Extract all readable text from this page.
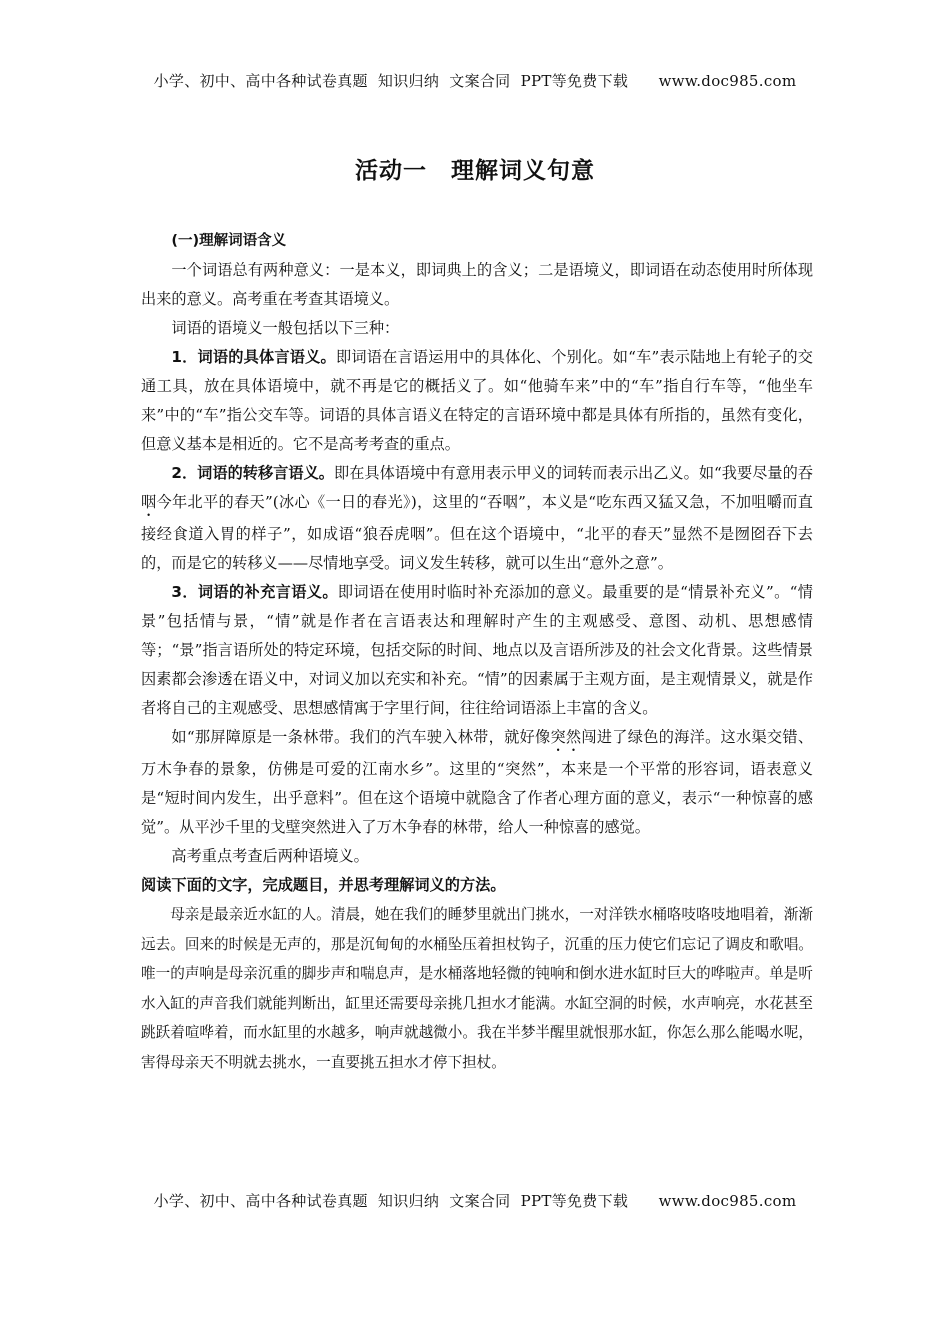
小学、初中、高中各种试卷真题  知识归纳  文案合同  PPT等免费下载      www.doc985.com
活动一　理解词义句意

(一)理解词语含义

一个词语总有两种意义：一是本义，即词典上的含义；二是语境义，即词语在动态使用时所体现出来的意义。高考重在考查其语境义。

词语的语境义一般包括以下三种：

1．词语的具体言语义。即词语在言语运用中的具体化、个别化。如“车”表示陆地上有轮子的交通工具，放在具体语境中，就不再是它的概括义了。如“他骑车来”中的“车”指自行车等，“他坐车来”中的“车”指公交车等。词语的具体言语义在特定的言语环境中都是具体有所指的，虽然有变化，但意义基本是相近的。它不是高考考查的重点。

2．词语的转移言语义。即在具体语境中有意用表示甲义的词转而表示出乙义。如“我要尽量的吞咽今年北平的春天”(冰心《一日的春光》)，这里的“吞咽”，本义是“吃东西又猛又急，不加咀嚼而直接经食道入胃的样子”，如成语“狼吞虎咽”。但在这个语境中，“北平的春天”显然不是囫囵吞下去的，而是它的转移义——尽情地享受。词义发生转移，就可以生出“意外之意”。

3．词语的补充言语义。即词语在使用时临时补充添加的意义。最重要的是“情景补充义”。“情景”包括情与景，“情”就是作者在言语表达和理解时产生的主观感受、意图、动机、思想感情等；“景”指言语所处的特定环境，包括交际的时间、地点以及言语所涉及的社会文化背景。这些情景因素都会渗透在语义中，对词义加以充实和补充。“情”的因素属于主观方面，是主观情景义，就是作者将自己的主观感受、思想感情寓于字里行间，往往给词语添上丰富的含义。

如“那屏障原是一条林带。我们的汽车驶入林带，就好像突然闯进了绿色的海洋。这水渠交错、万木争春的景象，仿佛是可爱的江南水乡”。这里的“突然”，本来是一个平常的形容词，语表意义是“短时间内发生，出乎意料”。但在这个语境中就隐含了作者心理方面的意义，表示“一种惊喜的感觉”。从平沙千里的戈壁突然进入了万木争春的林带，给人一种惊喜的感觉。

高考重点考查后两种语境义。

阅读下面的文字，完成题目，并思考理解词义的方法。

母亲是最亲近水缸的人。清晨，她在我们的睡梦里就出门挑水，一对洋铁水桶咯吱咯吱地唱着，渐渐远去。回来的时候是无声的，那是沉甸甸的水桶坠压着担杖钩子，沉重的压力使它们忘记了调皮和歌唱。唯一的声响是母亲沉重的脚步声和喘息声，是水桶落地轻微的钝响和倒水进水缸时巨大的哗啦声。单是听水入缸的声音我们就能判断出，缸里还需要母亲挑几担水才能满。水缸空洞的时候，水声响亮，水花甚至跳跃着喧哗着，而水缸里的水越多，响声就越微小。我在半梦半醒里就恨那水缸，你怎么那么能喝水呢，害得母亲天不明就去挑水，一直要挑五担水才停下担杖。

小学、初中、高中各种试卷真题  知识归纳  文案合同  PPT等免费下载      www.doc985.com
